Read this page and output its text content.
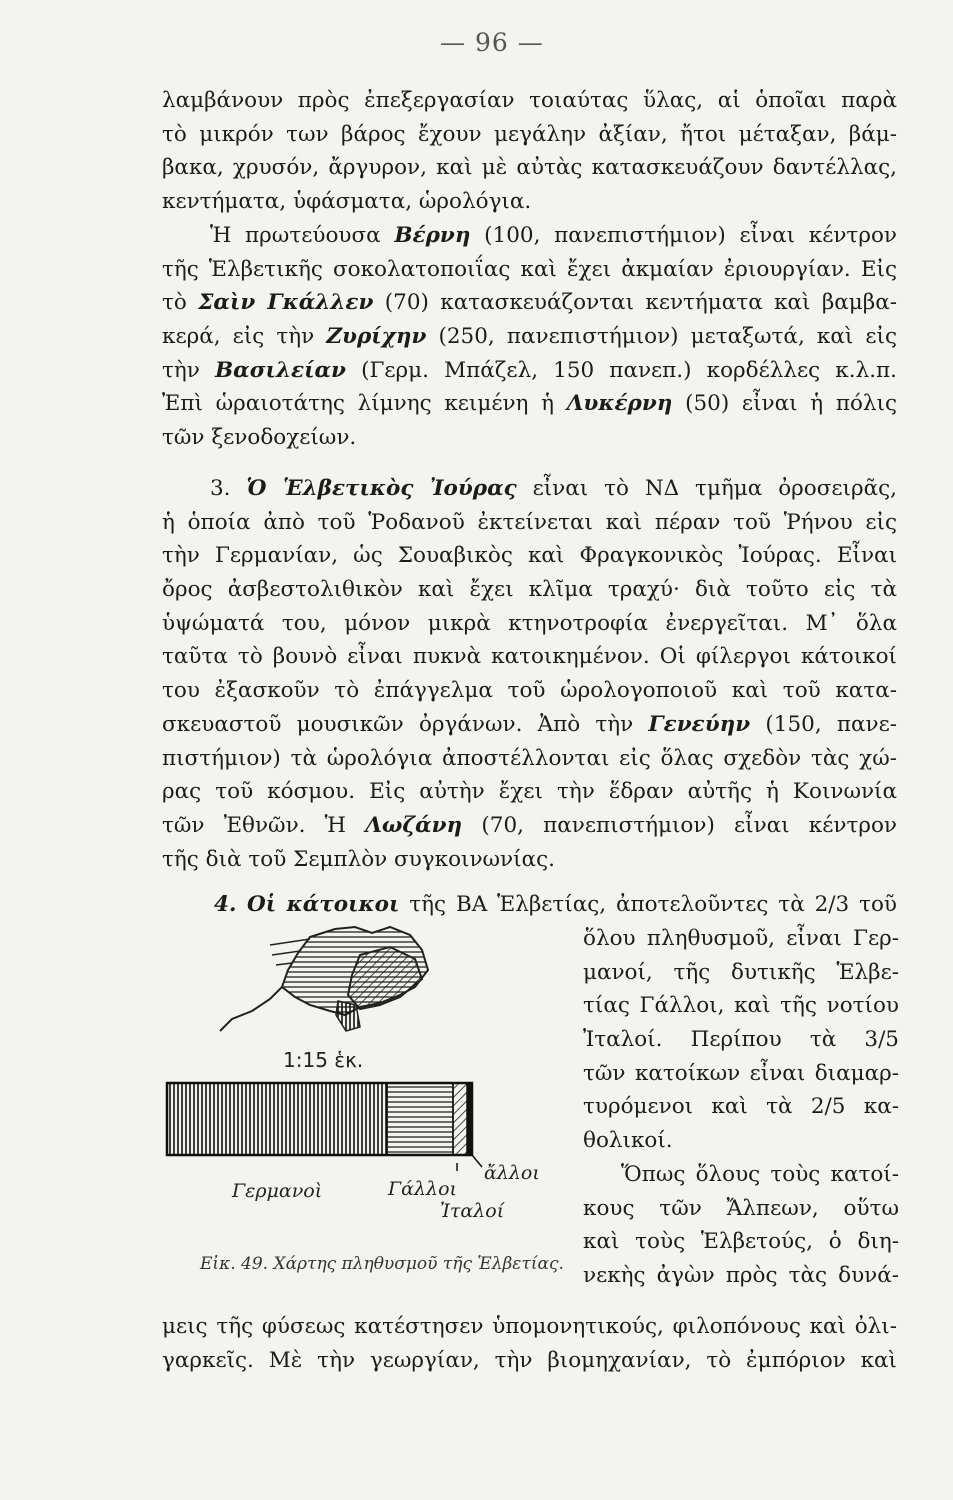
— 96 —
λαμβάνουν πρὸς ἐπεξεργασίαν τοιαύτας ὕλας, αἱ ὁποῖαι παρὰ
τὸ μικρόν των βάρος ἔχουν μεγάλην ἀξίαν, ἤτοι μέταξαν, βάμ-
βακα, χρυσόν, ἄργυρον, καὶ μὲ αὐτὰς κατασκευάζουν δαντέλλας,
κεντήματα, ὑφάσματα, ὡρολόγια.
Ἡ πρωτεύουσα Βέρνη (100, πανεπιστήμιον) εἶναι κέντρον
τῆς Ἑλβετικῆς σοκολατοποιΐας καὶ ἔχει ἀκμαίαν ἐριουργίαν. Εἰς
τὸ Σαὶν Γκάλλεν (70) κατασκευάζονται κεντήματα καὶ βαμβα-
κερά, εἰς τὴν Ζυρίχην (250, πανεπιστήμιον) μεταξωτά, καὶ εἰς
τὴν Βασιλείαν (Γερμ. Μπάζελ, 150 πανεπ.) κορδέλλες κ.λ.π.
Ἐπὶ ὡραιοτάτης λίμνης κειμένη ἡ Λυκέρνη (50) εἶναι ἡ πόλις
τῶν ξενοδοχείων.
3. Ὁ Ἑλβετικὸς Ἰούρας εἶναι τὸ ΝΔ τμῆμα ὀροσειρᾶς,
ἡ ὁποία ἀπὸ τοῦ Ῥοδανοῦ ἐκτείνεται καὶ πέραν τοῦ Ῥήνου εἰς
τὴν Γερμανίαν, ὡς Σουαβικὸς καὶ Φραγκονικὸς Ἰούρας. Εἶναι
ὄρος ἀσβεστολιθικὸν καὶ ἔχει κλῖμα τραχύ· διὰ τοῦτο εἰς τὰ
ὑψώματά του, μόνον μικρὰ κτηνοτροφία ἐνεργεῖται. Μ᾿ ὅλα
ταῦτα τὸ βουνὸ εἶναι πυκνὰ κατοικημένον. Οἱ φίλεργοι κάτοικοί
του ἐξασκοῦν τὸ ἐπάγγελμα τοῦ ὡρολογοποιοῦ καὶ τοῦ κατα-
σκευαστοῦ μουσικῶν ὀργάνων. Ἀπὸ τὴν Γενεύην (150, πανε-
πιστήμιον) τὰ ὡρολόγια ἀποστέλλονται εἰς ὅλας σχεδὸν τὰς χώ-
ρας τοῦ κόσμου. Εἰς αὐτὴν ἔχει τὴν ἕδραν αὐτῆς ἡ Κοινωνία
τῶν Ἐθνῶν. Ἡ Λωζάνη (70, πανεπιστήμιον) εἶναι κέντρον
τῆς διὰ τοῦ Σεμπλὸν συγκοινωνίας.
4. Οἱ κάτοικοι τῆς ΒΑ Ἑλβετίας, ἀποτελοῦντες τὰ 2/3 τοῦ
ὅλου πληθυσμοῦ, εἶναι Γερ-
μανοί, τῆς δυτικῆς Ἑλβε-
τίας Γάλλοι, καὶ τῆς νοτίου
Ἰταλοί. Περίπου τὰ 3/5
τῶν κατοίκων εἶναι διαμαρ-
τυρόμενοι καὶ τὰ 2/5 κα-
θολικοί.
Ὅπως ὅλους τοὺς κατοί-
κους τῶν Ἄλπεων, οὕτω
καὶ τοὺς Ἑλβετούς, ὁ διη-
νεκὴς ἀγὼν πρὸς τὰς δυνά-
1:15 ἑκ.
Γερμανοὶ	Γάλλοι
Ἰταλοί
ἄλλοι
Εἰκ. 49. Χάρτης πληθυσμοῦ τῆς Ἑλβετίας.
μεις τῆς φύσεως κατέστησεν ὑπομονητικούς, φιλοπόνους καὶ ὀλι-
γαρκεῖς. Μὲ τὴν γεωργίαν, τὴν βιομηχανίαν, τὸ ἐμπόριον καὶ
